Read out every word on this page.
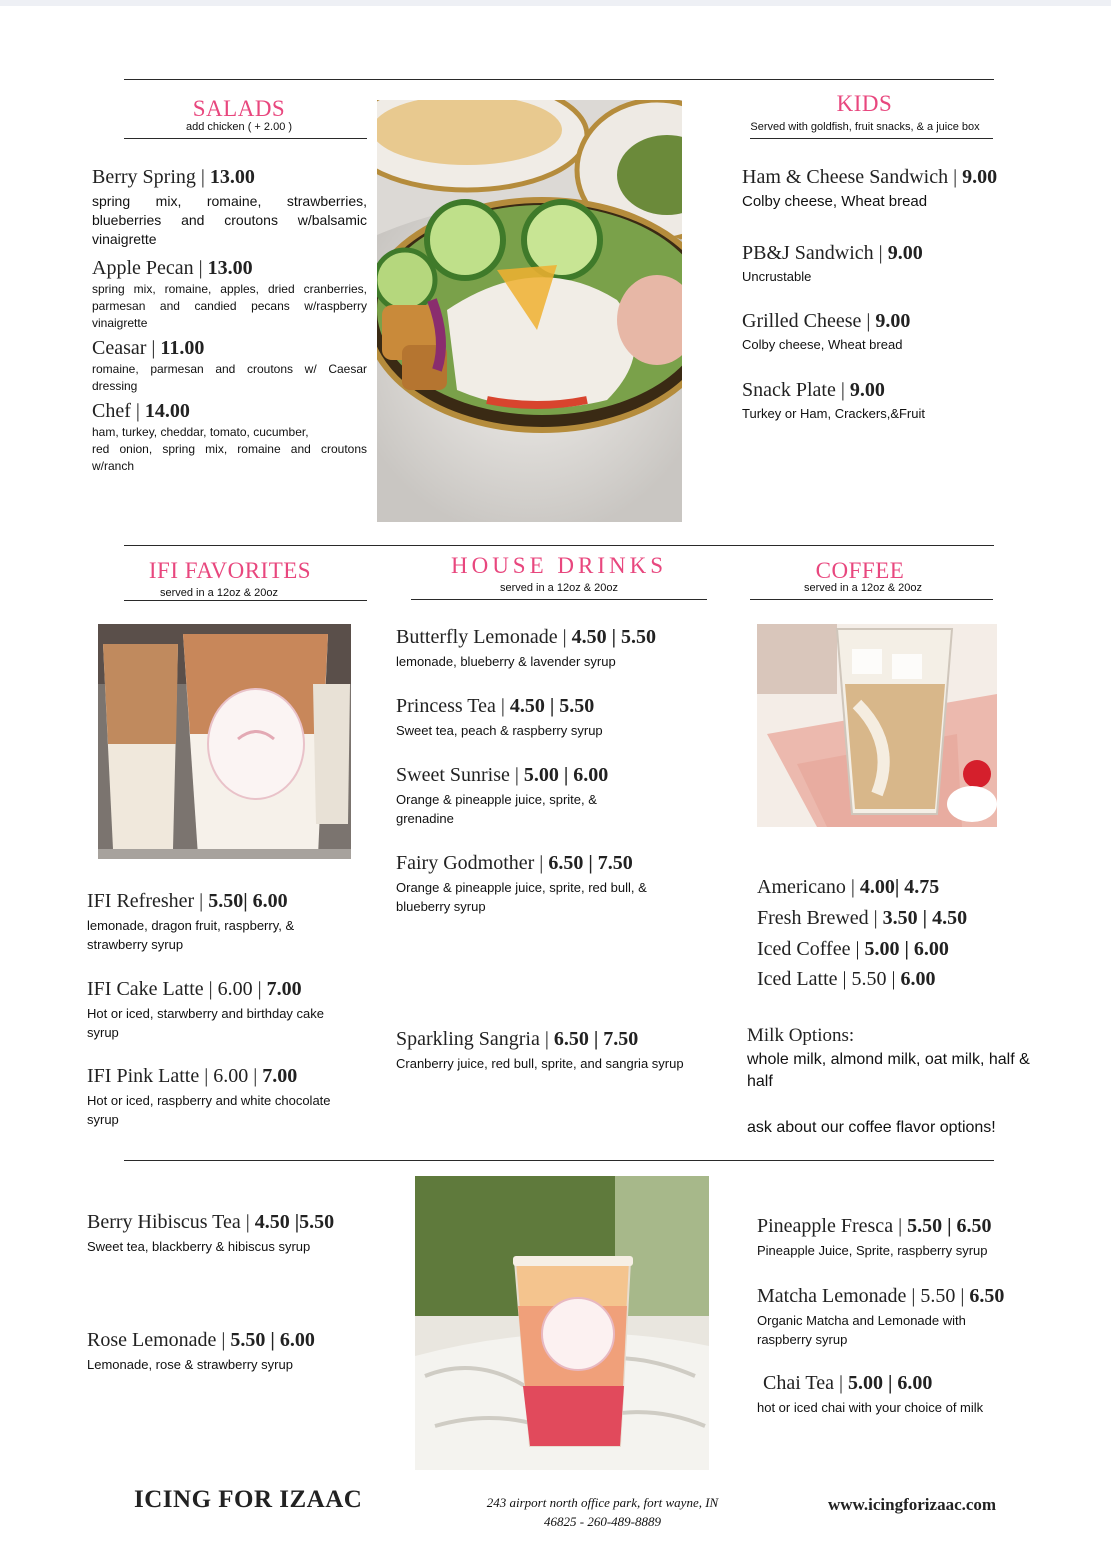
SALADS
add chicken ( + 2.00 )
Berry Spring | 13.00
spring mix, romaine, strawberries, blueberries and croutons w/balsamic vinaigrette
Apple Pecan | 13.00
spring mix, romaine, apples, dried cranberries, parmesan and candied pecans w/raspberry vinaigrette
Ceasar | 11.00
romaine, parmesan and croutons w/ Caesar dressing
Chef | 14.00
ham, turkey, cheddar, tomato, cucumber,
red onion, spring mix, romaine and croutons w/ranch
KIDS
Served with goldfish, fruit snacks, & a juice box
Ham & Cheese Sandwich | 9.00
Colby cheese, Wheat bread
PB&J Sandwich | 9.00
Uncrustable
Grilled Cheese | 9.00
Colby cheese, Wheat bread
Snack Plate | 9.00
Turkey or Ham, Crackers,&Fruit
IFI FAVORITES
served in a 12oz & 20oz
IFI Refresher | 5.50| 6.00
lemonade, dragon fruit, raspberry, & strawberry syrup
IFI Cake Latte | 6.00 | 7.00
Hot or iced, starwberry and birthday cake syrup
IFI Pink Latte | 6.00 | 7.00
Hot or iced, raspberry and white chocolate syrup
HOUSE DRINKS
served in a 12oz & 20oz
Butterfly Lemonade | 4.50 | 5.50
lemonade, blueberry & lavender syrup
Princess Tea | 4.50 | 5.50
Sweet tea, peach & raspberry syrup
Sweet Sunrise | 5.00 | 6.00
Orange & pineapple juice, sprite, & grenadine
Fairy Godmother | 6.50 | 7.50
Orange & pineapple juice, sprite, red bull, & blueberry syrup
Sparkling Sangria | 6.50 | 7.50
Cranberry juice, red bull, sprite, and sangria syrup
COFFEE
served in a 12oz & 20oz
Americano | 4.00| 4.75
Fresh Brewed | 3.50 | 4.50
Iced Coffee | 5.00 | 6.00
Iced Latte | 5.50 | 6.00
Milk Options:
whole milk, almond milk, oat milk, half & half
ask about our coffee flavor options!
Berry Hibiscus Tea | 4.50 |5.50
Sweet tea, blackberry & hibiscus syrup
Rose Lemonade | 5.50 | 6.00
Lemonade, rose & strawberry syrup
Pineapple Fresca | 5.50 | 6.50
Pineapple Juice, Sprite, raspberry syrup
Matcha Lemonade | 5.50 | 6.50
Organic Matcha and Lemonade with raspberry syrup
Chai Tea | 5.00 | 6.00
hot or iced chai with your choice of milk
ICING FOR IZAAC	243 airport north office park, fort wayne, IN
46825 - 260-489-8889
www.icingforizaac.com
